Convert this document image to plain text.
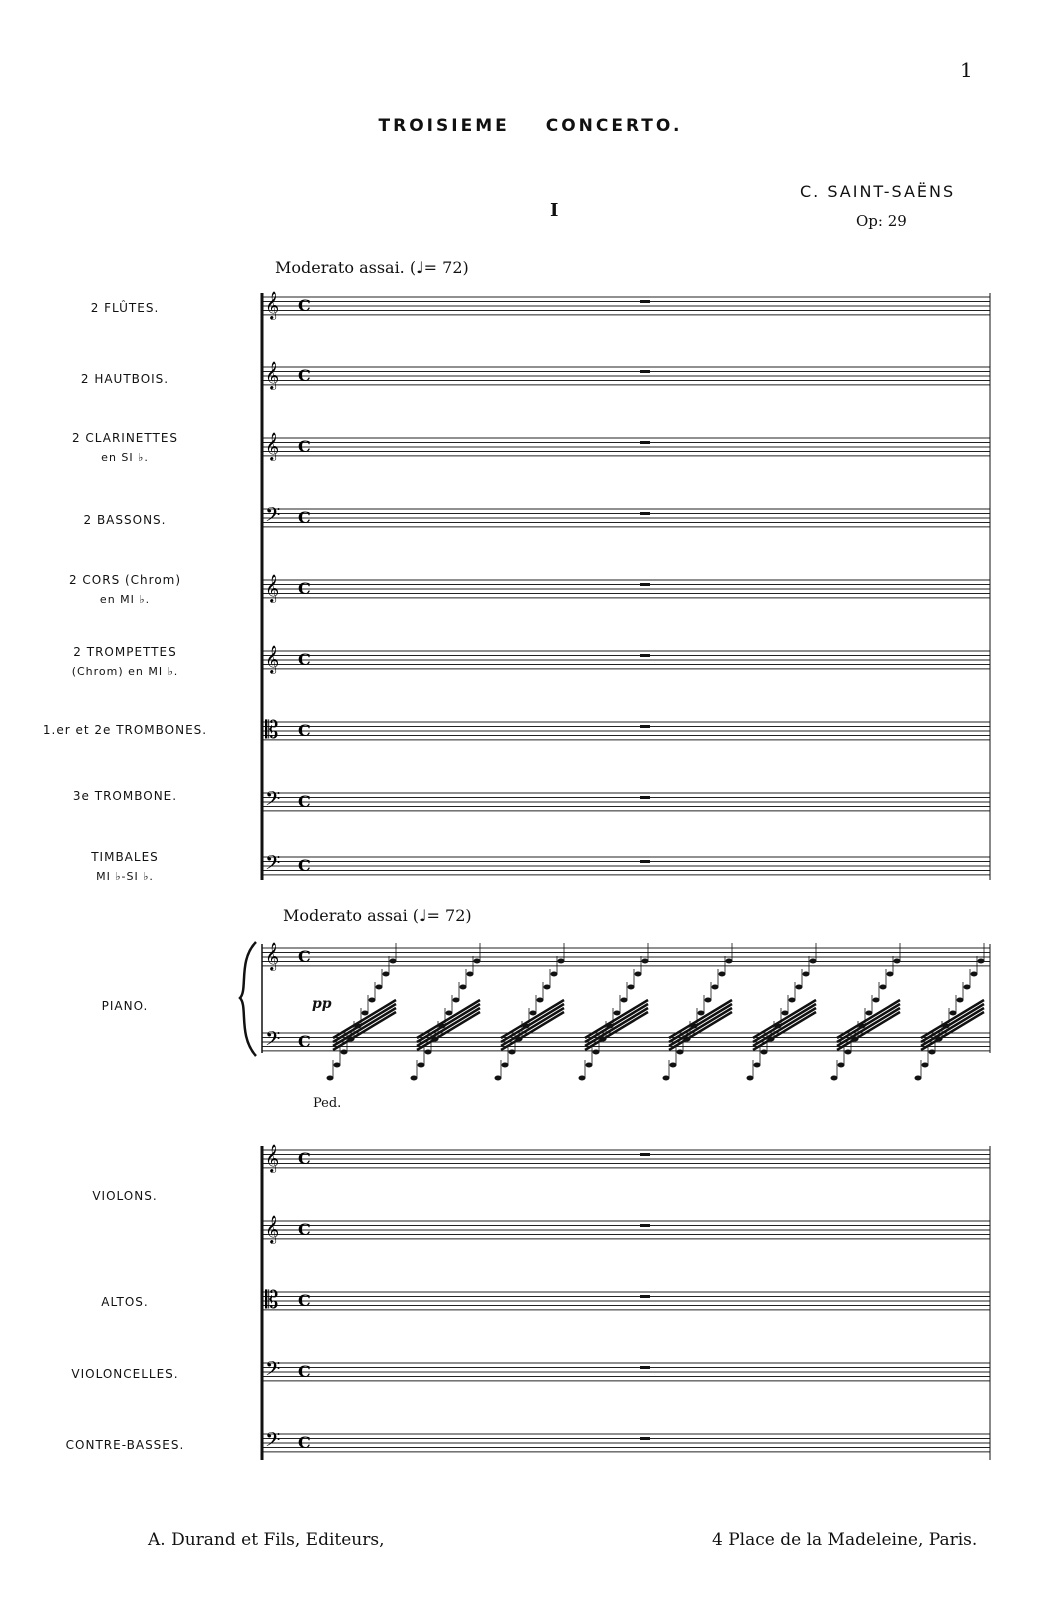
1
TROISIEME CONCERTO.
I
C. SAINT-SAËNS
Op: 29
Moderato assai. (♩= 72)
Moderato assai (♩= 72)
2 FLÛTES.
2 HAUTBOIS.
2 CLARINETTES
en SI ♭.
2 BASSONS.
2 CORS (Chrom)
en MI ♭.
2 TROMPETTES
(Chrom) en MI ♭.
1.er et 2e TROMBONES.
3e TROMBONE.
TIMBALES
MI ♭-SI ♭.
PIANO.
VIOLONS.
ALTOS.
VIOLONCELLES.
CONTRE-BASSES.
pp
Ped.
𝄞 C
𝄞 C
𝄞 C
𝄢 C
𝄞 C
𝄞 C
𝄡 C
𝄢 C
𝄢 C
𝄞 C
𝄢 C
𝄞 C
𝄞 C
𝄡 C
𝄢 C
𝄢 C
A. Durand et Fils, Editeurs,	4 Place de la Madeleine, Paris.
